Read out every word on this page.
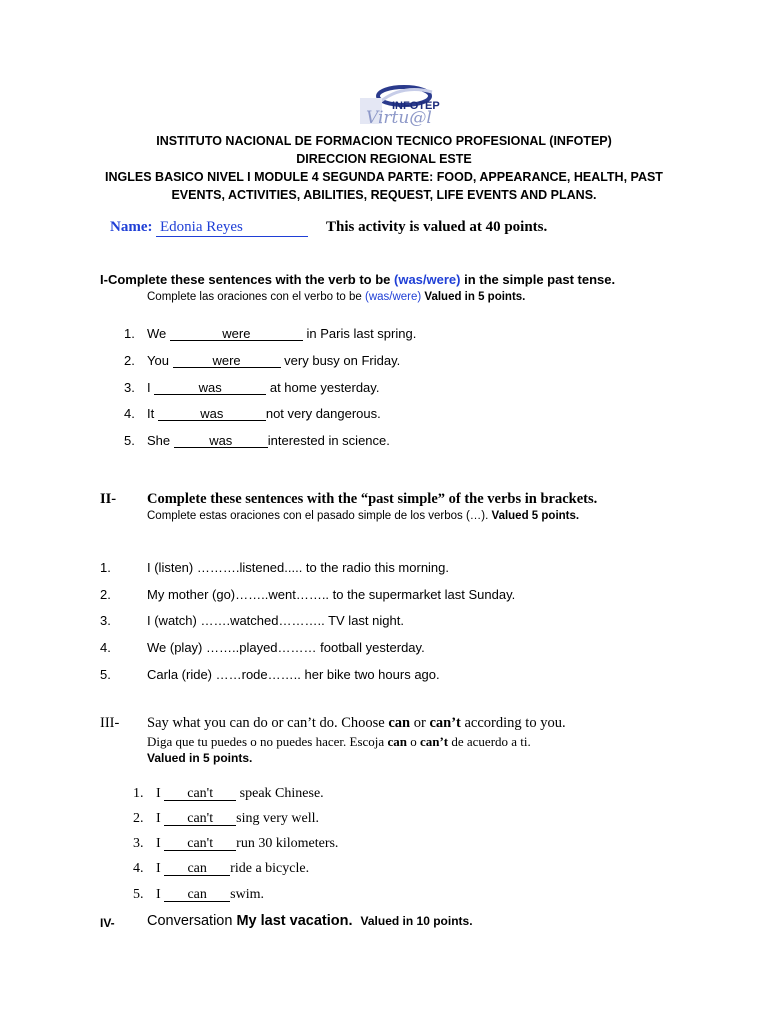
INFOTEP
Virtu@l
INSTITUTO NACIONAL DE FORMACION TECNICO PROFESIONAL (INFOTEP)
DIRECCION REGIONAL ESTE
INGLES BASICO NIVEL I MODULE 4 SEGUNDA PARTE: FOOD, APPEARANCE, HEALTH, PAST
EVENTS, ACTIVITIES, ABILITIES, REQUEST, LIFE EVENTS AND PLANS.
Name: Edonia Reyes	This activity is valued at 40 points.
I-Complete these sentences with the verb to be (was/were) in the simple past tense.
Complete las oraciones con el verbo to be (was/were) Valued in 5 points.
1. We	were	in Paris last spring.
2. You	were	very busy on Friday.
3. I	was	at home yesterday.
4. It	was	not very dangerous.
5. She	was	interested in science.
II- Complete these sentences with the “past simple” of the verbs in brackets.
Complete estas oraciones con el pasado simple de los verbos (…). Valued 5 points.
1.	I (listen) ……….listened..... to the radio this morning.
2.	My mother (go)……..went…….. to the supermarket last Sunday.
3.	I (watch) …….watched……….. TV last night.
4.	We (play) ……..played……… football yesterday.
5.	Carla (ride) ……rode…….. her bike two hours ago.
III- Say what you can do or can’t do. Choose can or can’t according to you.
Diga que tu puedes o no puedes hacer. Escoja can o can’t de acuerdo a ti.
Valued in 5 points.
1. I can't speak Chinese.
2. I can't sing very well.
3. I can't run 30 kilometers.
4. I can ride a bicycle.
5. I can swim.
IV- Conversation My last vacation. Valued in 10 points.
